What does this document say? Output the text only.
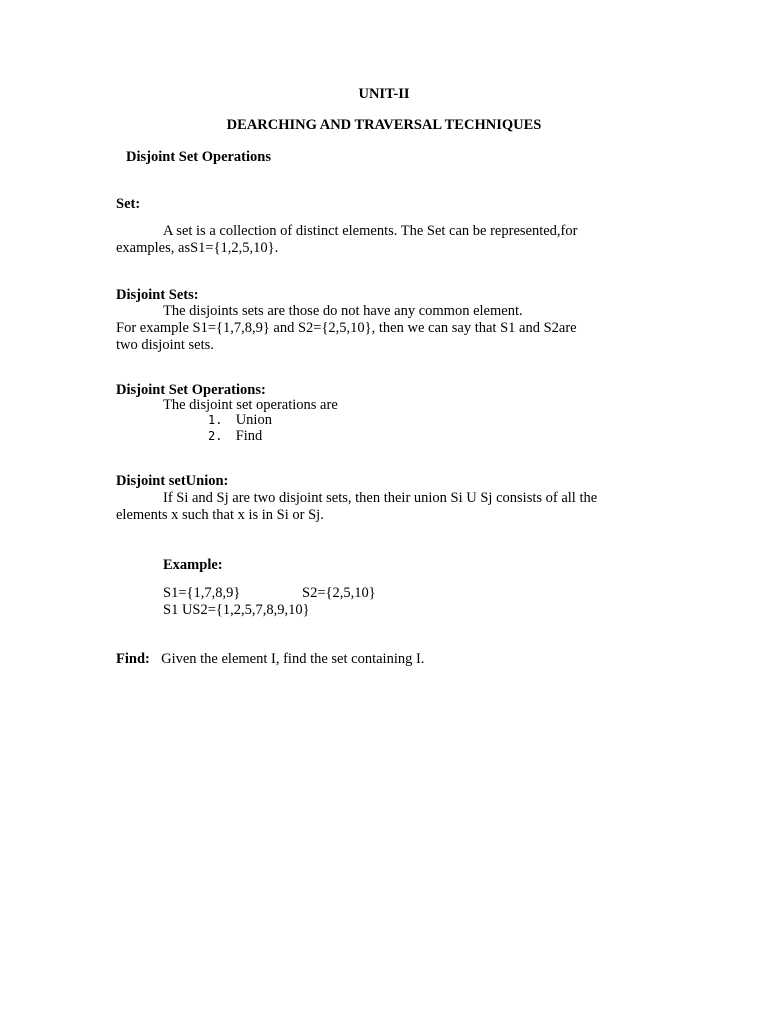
UNIT-II
DEARCHING AND TRAVERSAL TECHNIQUES
Disjoint Set Operations
Set:
A set is a collection of distinct elements. The Set can be represented,for
examples, asS1={1,2,5,10}.
Disjoint Sets:
The disjoints sets are those do not have any common element.
For example S1={1,7,8,9} and S2={2,5,10}, then we can say that S1 and S2are
two disjoint sets.
Disjoint Set Operations:
The disjoint set operations are
1. Union
2. Find
Disjoint setUnion:
If Si and Sj are two disjoint sets, then their union Si U Sj consists of all the
elements x such that x is in Si or Sj.
Example:
S1={1,7,8,9}	S2={2,5,10}
S1 US2={1,2,5,7,8,9,10}
Find: Given the element I, find the set containing I.
